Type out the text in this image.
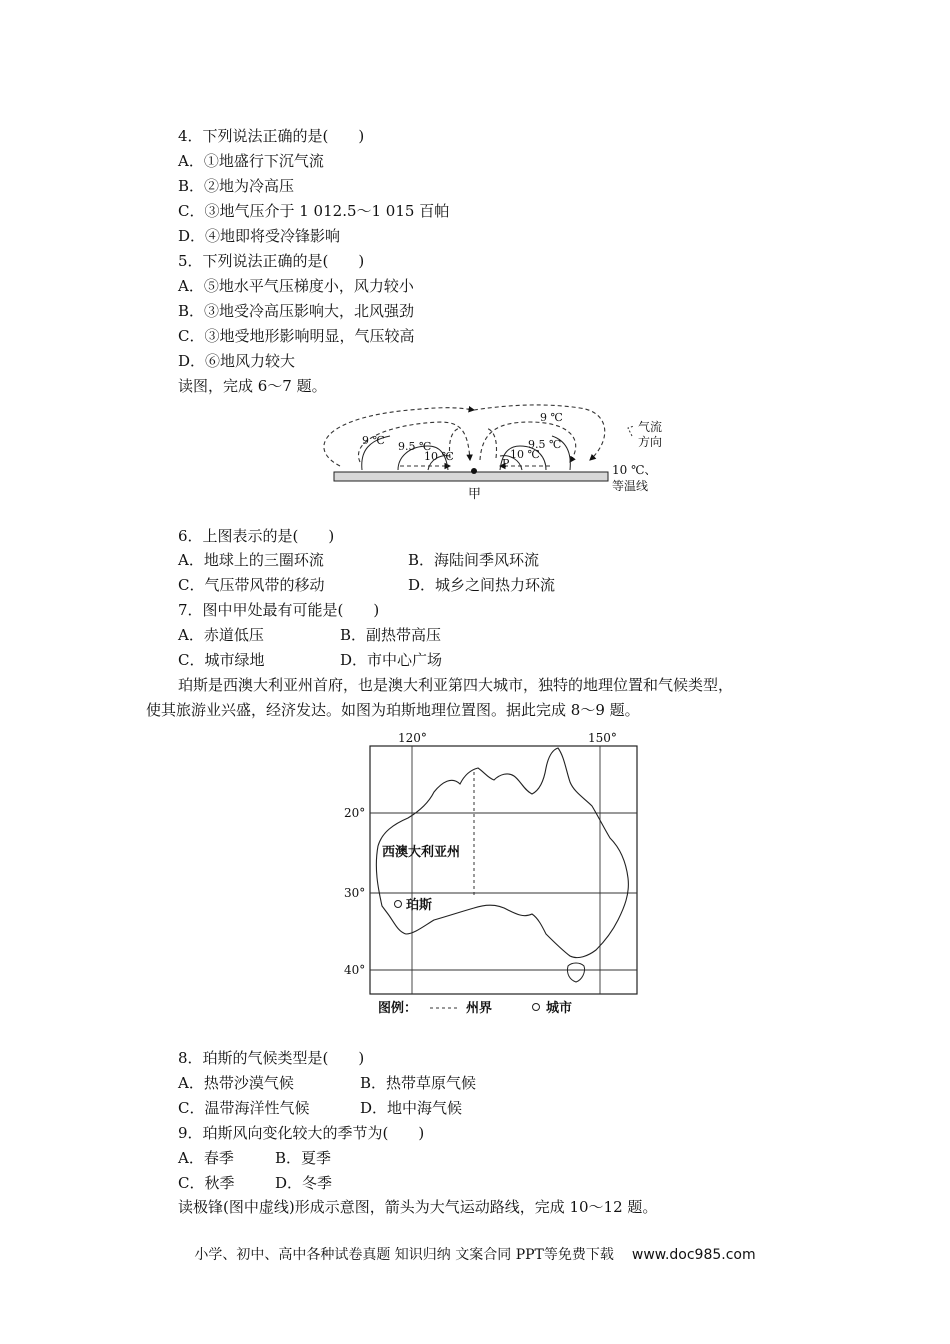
4．下列说法正确的是(　　)
A．①地盛行下沉气流
B．②地为冷高压
C．③地气压介于 1 012.5～1 015 百帕
D．④地即将受冷锋影响
5．下列说法正确的是(　　)
A．⑤地水平气压梯度小，风力较小
B．③地受冷高压影响大，北风强劲
C．③地受地形影响明显，气压较高
D．⑥地风力较大
读图，完成 6～7 题。
9 ℃ 9.5 ℃
10 ℃
9 ℃
9.5 ℃
10 ℃
P
甲
气流
方向
10 ℃、
等温线
6．上图表示的是(　　)
A．地球上的三圈环流	B．海陆间季风环流
C．气压带风带的移动	D．城乡之间热力环流
7．图中甲处最有可能是(　　)
A．赤道低压	B．副热带高压
C．城市绿地	D．市中心广场
珀斯是西澳大利亚州首府，也是澳大利亚第四大城市，独特的地理位置和气候类型，
使其旅游业兴盛，经济发达。如图为珀斯地理位置图。据此完成 8～9 题。
120°	150°
20°
30°
40°
西澳大利亚州
珀斯
图例：	州界	城市
8．珀斯的气候类型是(　　)
A．热带沙漠气候	B．热带草原气候
C．温带海洋性气候	D．地中海气候
9．珀斯风向变化较大的季节为(　　)
A．春季	B．夏季
C．秋季	D．冬季
读极锋(图中虚线)形成示意图，箭头为大气运动路线，完成 10～12 题。
小学、初中、高中各种试卷真题 知识归纳 文案合同 PPT等免费下载 www.doc985.com
